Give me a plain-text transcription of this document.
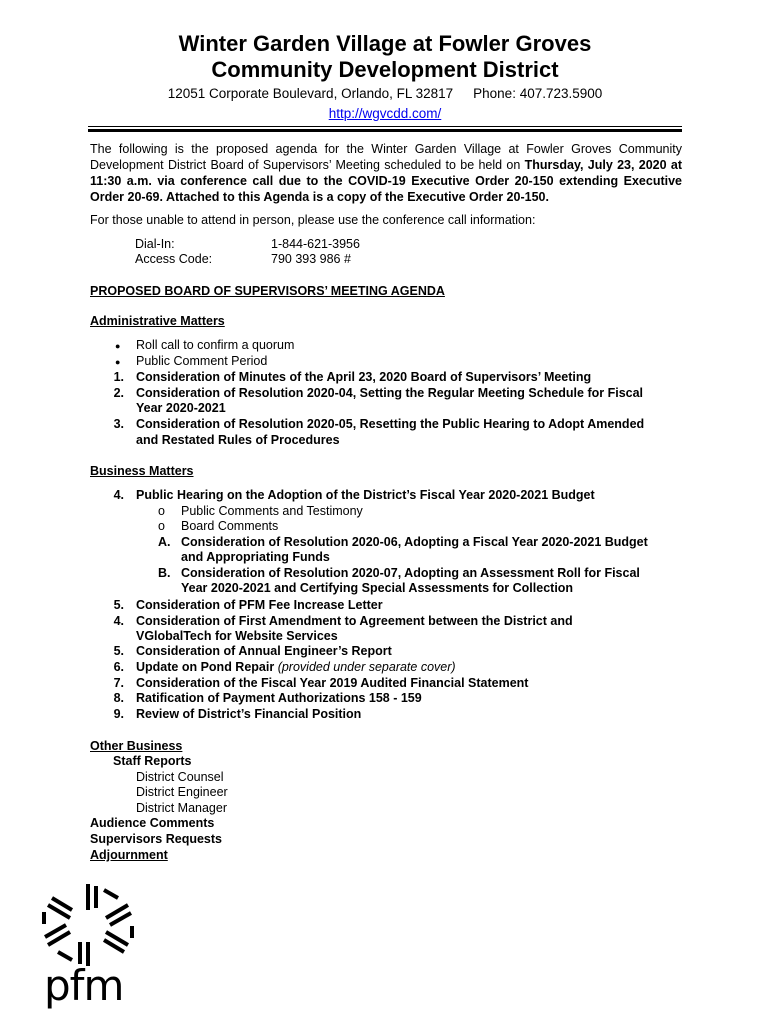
Winter Garden Village at Fowler Groves
Community Development District
12051 Corporate Boulevard, Orlando, FL 32817 Phone: 407.723.5900
http://wgvcdd.com/
The following is the proposed agenda for the Winter Garden Village at Fowler Groves Community Development District Board of Supervisors’ Meeting scheduled to be held on Thursday, July 23, 2020 at 11:30 a.m. via conference call due to the COVID-19 Executive Order 20-150 extending Executive Order 20-69. Attached to this Agenda is a copy of the Executive Order 20-150.
For those unable to attend in person, please use the conference call information:
Dial-In:	1-844-621-3956
Access Code:	790 393 986 #
PROPOSED BOARD OF SUPERVISORS’ MEETING AGENDA
Administrative Matters
● Roll call to confirm a quorum
● Public Comment Period
1. Consideration of Minutes of the April 23, 2020 Board of Supervisors’ Meeting
2. Consideration of Resolution 2020-04, Setting the Regular Meeting Schedule for Fiscal
Year 2020-2021
3. Consideration of Resolution 2020-05, Resetting the Public Hearing to Adopt Amended
and Restated Rules of Procedures
Business Matters
4. Public Hearing on the Adoption of the District’s Fiscal Year 2020-2021 Budget
o Public Comments and Testimony
o Board Comments
A. Consideration of Resolution 2020-06, Adopting a Fiscal Year 2020-2021 Budget
and Appropriating Funds
B. Consideration of Resolution 2020-07, Adopting an Assessment Roll for Fiscal
Year 2020-2021 and Certifying Special Assessments for Collection
5. Consideration of PFM Fee Increase Letter
4. Consideration of First Amendment to Agreement between the District and
VGlobalTech for Website Services
5. Consideration of Annual Engineer’s Report
6. Update on Pond Repair (provided under separate cover)
7. Consideration of the Fiscal Year 2019 Audited Financial Statement
8. Ratification of Payment Authorizations 158 - 159
9. Review of District’s Financial Position
Other Business
Staff Reports
District Counsel
District Engineer
District Manager
Audience Comments
Supervisors Requests
Adjournment
pfm
